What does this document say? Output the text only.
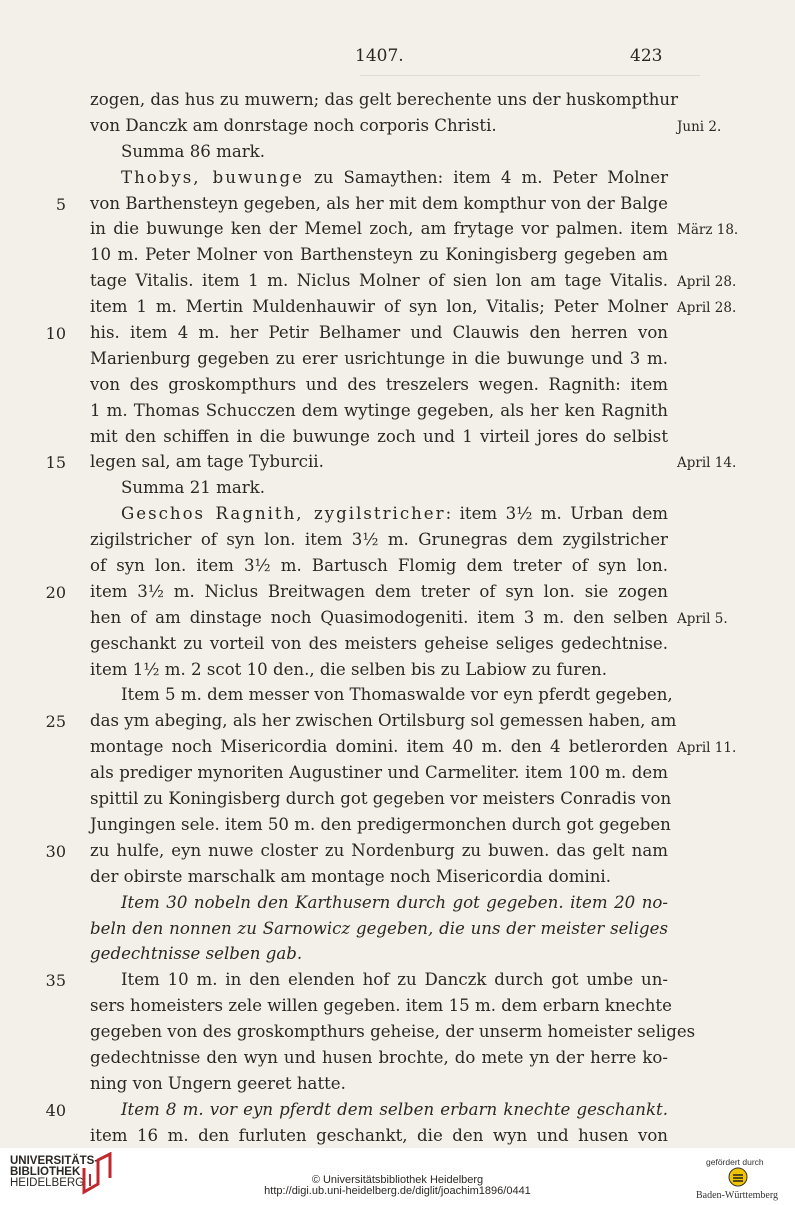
1407.	423
zogen, das hus zu muwern; das gelt berechente uns der huskompthur
von Danczk am donrstage noch corporis Christi.	Juni 2.
Summa 86 mark.
Thobys, buwunge zu Samaythen: item 4 m. Peter Molner
5 von Barthensteyn gegeben, als her mit dem kompthur von der Balge
in die buwunge ken der Memel zoch, am frytage vor palmen. item März 18.
10 m. Peter Molner von Barthensteyn zu Koningisberg gegeben am
tage Vitalis. item 1 m. Niclus Molner of sien lon am tage Vitalis. April 28.
item 1 m. Mertin Muldenhauwir of syn lon, Vitalis; Peter Molner April 28.
10 his. item 4 m. her Petir Belhamer und Clauwis den herren von
Marienburg gegeben zu erer usrichtunge in die buwunge und 3 m.
von des groskompthurs und des treszelers wegen. Ragnith: item
1 m. Thomas Schucczen dem wytinge gegeben, als her ken Ragnith
mit den schiffen in die buwunge zoch und 1 virteil jores do selbist
15 legen sal, am tage Tyburcii.	April 14.
Summa 21 mark.
Geschos Ragnith, zygilstricher: item 3½ m. Urban dem
zigilstricher of syn lon. item 3½ m. Grunegras dem zygilstricher
of syn lon. item 3½ m. Bartusch Flomig dem treter of syn lon.
20 item 3½ m. Niclus Breitwagen dem treter of syn lon. sie zogen
hen of am dinstage noch Quasimodogeniti. item 3 m. den selben April 5.
geschankt zu vorteil von des meisters geheise seliges gedechtnise.
item 1½ m. 2 scot 10 den., die selben bis zu Labiow zu furen.
Item 5 m. dem messer von Thomaswalde vor eyn pferdt gegeben,
25 das ym abeging, als her zwischen Ortilsburg sol gemessen haben, am
montage noch Misericordia domini. item 40 m. den 4 betlerorden April 11.
als prediger mynoriten Augustiner und Carmeliter. item 100 m. dem
spittil zu Koningisberg durch got gegeben vor meisters Conradis von
Jungingen sele. item 50 m. den predigermonchen durch got gegeben
30 zu hulfe, eyn nuwe closter zu Nordenburg zu buwen. das gelt nam
der obirste marschalk am montage noch Misericordia domini.
Item 30 nobeln den Karthusern durch got gegeben. item 20 no-
beln den nonnen zu Sarnowicz gegeben, die uns der meister seliges
gedechtnisse selben gab.
35	Item 10 m. in den elenden hof zu Danczk durch got umbe un-
sers homeisters zele willen gegeben. item 15 m. dem erbarn knechte
gegeben von des groskompthurs geheise, der unserm homeister seliges
gedechtnisse den wyn und husen brochte, do mete yn der herre ko-
ning von Ungern geeret hatte.
40	Item 8 m. vor eyn pferdt dem selben erbarn knechte geschankt.
item 16 m. den furluten geschankt, die den wyn und husen von
UNIVERSITÄTS-
BIBLIOTHEK
HEIDELBERG	© Universitätsbibliothek Heidelberg
http://digi.ub.uni-heidelberg.de/diglit/joachim1896/0441
gefördert durch
Baden-Württemberg
